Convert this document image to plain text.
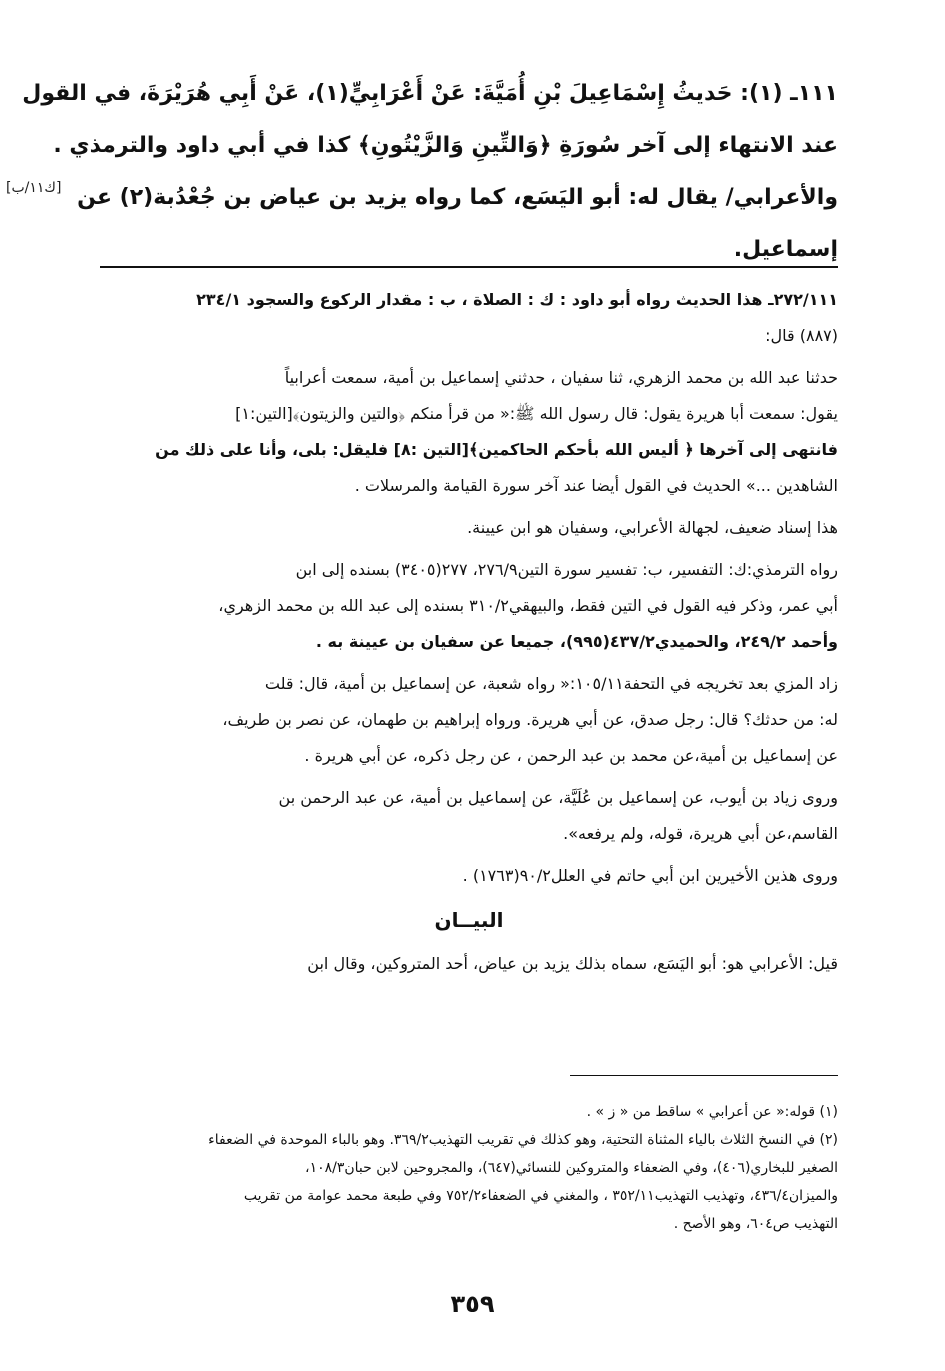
١١١ـ (١): حَديثُ إِسْمَاعِيلَ بْنِ أُمَيَّةَ: عَنْ أَعْرَابِيٍّ(١)، عَنْ أَبِي هُرَيْرَةَ، في القول
عند الانتهاء إلى آخر سُورَةِ ﴿وَالتِّينِ وَالزَّيْتُونِ﴾ كذا في أبي داود والترمذي .
والأعرابي/ يقال له: أبو اليَسَع، كما رواه يزيد بن عياض بن جُعْدُبة(٢) عن
إسماعيل.
[ك١١/ب]
٢٧٢/١١١ـ هذا الحديث رواه أبو داود : ك : الصلاة ، ب : مقدار الركوع والسجود ٢٣٤/١
(٨٨٧) قال:
حدثنا عبد الله بن محمد الزهري، ثنا سفيان ، حدثني إسماعيل بن أمية، سمعت أعرابياً
يقول: سمعت أبا هريرة يقول: قال رسول الله ﷺ:« من قرأ منكم ﴿والتين والزيتون﴾[التين:١]
فانتهى إلى آخرها ﴿ أليس الله بأحكم الحاكمين﴾[التين :٨] فليقل: بلى، وأنا على ذلك من
الشاهدين ...» الحديث في القول أيضا عند آخر سورة القيامة والمرسلات .
هذا إسناد ضعيف، لجهالة الأعرابي، وسفيان هو ابن عيينة.
رواه الترمذي:ك: التفسير، ب: تفسير سورة التين٢٧٦/٩، ٢٧٧(٣٤٠٥) بسنده إلى ابن
أبي عمر، وذكر فيه القول في التين فقط، والبيهقي٣١٠/٢ بسنده إلى عبد الله بن محمد الزهري،
وأحمد ٢٤٩/٢، والحميدي٤٣٧/٢(٩٩٥)، جميعا عن سفيان بن عيينة به .
زاد المزي بعد تخريجه في التحفة١٠٥/١١:« رواه شعبة، عن إسماعيل بن أمية، قال: قلت
له: من حدثك؟ قال: رجل صدق، عن أبي هريرة. ورواه إبراهيم بن طهمان، عن نصر بن طريف،
عن إسماعيل بن أمية،عن محمد بن عبد الرحمن ، عن رجل ذكره، عن أبي هريرة .
وروى زياد بن أيوب، عن إسماعيل بن عُلَيَّة، عن إسماعيل بن أمية، عن عبد الرحمن بن
القاسم،عن أبي هريرة، قوله، ولم يرفعه».
وروى هذين الأخيرين ابن أبي حاتم في العلل٩٠/٢(١٧٦٣) .
البيــان
قيل: الأعرابي هو: أبو اليَسَع، سماه بذلك يزيد بن عياض، أحد المتروكين، وقال ابن
(١) قوله:« عن أعرابي » ساقط من « ز » .
(٢) في النسخ الثلاث بالياء المثناة التحتية، وهو كذلك في تقريب التهذيب٣٦٩/٢. وهو بالباء الموحدة في الضعفاء
الصغير للبخاري(٤٠٦)، وفي الضعفاء والمتروكين للنسائي(٦٤٧)، والمجروحين لابن حبان١٠٨/٣،
والميزان٤٣٦/٤، وتهذيب التهذيب٣٥٢/١١ ، والمغني في الضعفاء٧٥٢/٢ وفي طبعة محمد عوامة من تقريب
التهذيب ص٦٠٤، وهو الأصح .
٣٥٩
